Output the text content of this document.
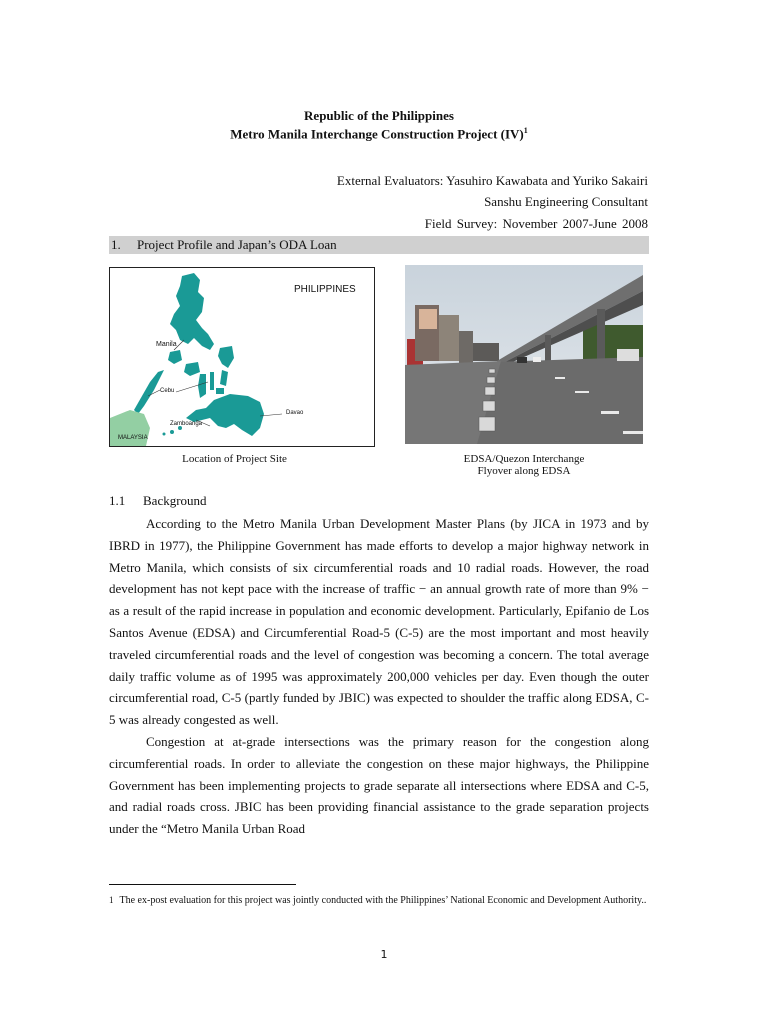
Republic of the Philippines
Metro Manila Interchange Construction Project (IV)$^1$
External Evaluators: Yasuhiro Kawabata and Yuriko Sakairi
Sanshu Engineering Consultant
Field Survey: November 2007-June 2008
1. Project Profile and Japan’s ODA Loan
PHILIPPINES
Manila
Cebu
Davao
Zamboanga
MALAYSIA
Location of Project Site	EDSA/Quezon Interchange
Flyover along EDSA
1.1 Background

According to the Metro Manila Urban Development Master Plans (by JICA in 1973 and by IBRD in 1977), the Philippine Government has made efforts to develop a major highway network in Metro Manila, which consists of six circumferential roads and 10 radial roads. However, the road development has not kept pace with the increase of traffic − an annual growth rate of more than 9% − as a result of the rapid increase in population and economic development. Particularly, Epifanio de Los Santos Avenue (EDSA) and Circumferential Road-5 (C-5) are the most important and most heavily traveled circumferential roads and the level of congestion was becoming a concern. The total average daily traffic volume as of 1995 was approximately 200,000 vehicles per day. Even though the outer circumferential road, C-5 (partly funded by JBIC) was expected to shoulder the traffic along EDSA, C-5 was already congested as well.

Congestion at at-grade intersections was the primary reason for the congestion along circumferential roads. In order to alleviate the congestion on these major highways, the Philippine Government has been implementing projects to grade separate all intersections where EDSA and C-5, and radial roads cross. JBIC has been providing financial assistance to the grade separation projects under the “Metro Manila Urban Road

1 The ex-post evaluation for this project was jointly conducted with the Philippines’ National Economic and Development Authority..

1
